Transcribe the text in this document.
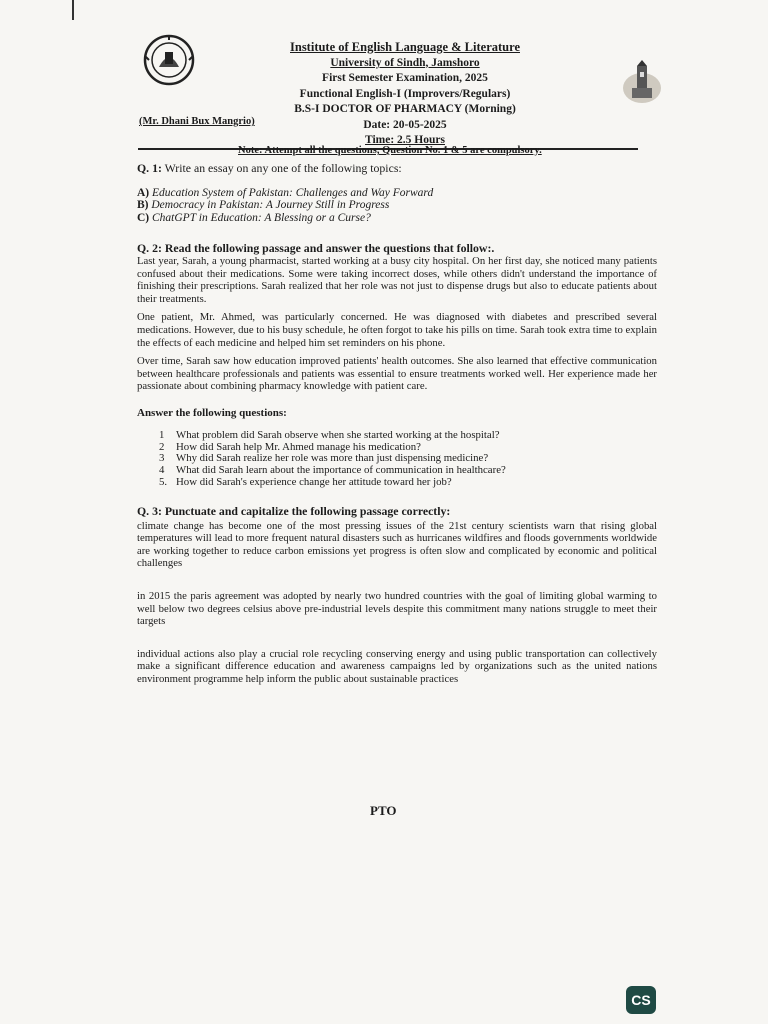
Institute of English Language & Literature
University of Sindh, Jamshoro
First Semester Examination, 2025
Functional English-I (Improvers/Regulars)
B.S-I DOCTOR OF PHARMACY (Morning)
Date: 20-05-2025
Time: 2.5 Hours
(Mr. Dhani Bux Mangrio)
Note: Attempt all the questions, Question No. 1 & 5 are compulsory.

Q. 1: Write an essay on any one of the following topics:

A) Education System of Pakistan: Challenges and Way Forward
B) Democracy in Pakistan: A Journey Still in Progress
C) ChatGPT in Education: A Blessing or a Curse?

Q. 2: Read the following passage and answer the questions that follow:.

Last year, Sarah, a young pharmacist, started working at a busy city hospital. On her first day, she noticed many patients confused about their medications. Some were taking incorrect doses, while others didn't understand the importance of finishing their prescriptions. Sarah realized that her role was not just to dispense drugs but also to educate patients about their treatments.

One patient, Mr. Ahmed, was particularly concerned. He was diagnosed with diabetes and prescribed several medications. However, due to his busy schedule, he often forgot to take his pills on time. Sarah took extra time to explain the effects of each medicine and helped him set reminders on his phone.

Over time, Sarah saw how education improved patients' health outcomes. She also learned that effective communication between healthcare professionals and patients was essential to ensure treatments worked well. Her experience made her passionate about combining pharmacy knowledge with patient care.

Answer the following questions:
1 What problem did Sarah observe when she started working at the hospital?
2 How did Sarah help Mr. Ahmed manage his medication?
3 Why did Sarah realize her role was more than just dispensing medicine?
4 What did Sarah learn about the importance of communication in healthcare?
5. How did Sarah's experience change her attitude toward her job?

Q. 3: Punctuate and capitalize the following passage correctly:

climate change has become one of the most pressing issues of the 21st century scientists warn that rising global temperatures will lead to more frequent natural disasters such as hurricanes wildfires and floods governments worldwide are working together to reduce carbon emissions yet progress is often slow and complicated by economic and political challenges

in 2015 the paris agreement was adopted by nearly two hundred countries with the goal of limiting global warming to well below two degrees celsius above pre-industrial levels despite this commitment many nations struggle to meet their targets

individual actions also play a crucial role recycling conserving energy and using public transportation can collectively make a significant difference education and awareness campaigns led by organizations such as the united nations environment programme help inform the public about sustainable practices

PTO
CS
